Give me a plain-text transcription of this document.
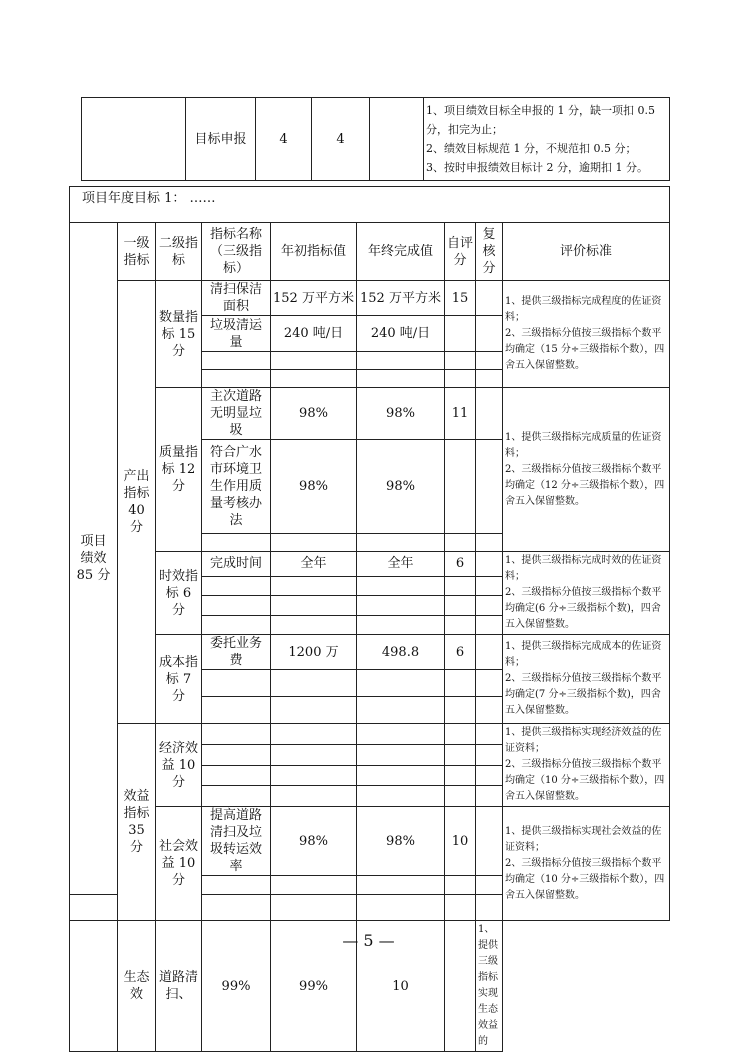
	目标申报	4	4		1、项目绩效目标全申报的 1 分，缺一项扣 0.5 分，扣完为止；
2、绩效目标规范 1 分，不规范扣 0.5 分；
3、按时申报绩效目标计 2 分，逾期扣 1 分。
项目年度目标 1： ……								
项目绩效 85 分	一级指标	二级指标	指标名称（三级指标）	年初指标值	年终完成值	自评分	复核分	评价标准
	产出指标 40 分	数量指标 15 分	清扫保洁面积	152 万平方米	152 万平方米	15		1、提供三级指标完成程度的佐证资料；
2、三级指标分值按三级指标个数平均确定（15 分÷三级指标个数），四舍五入保留整数。
			垃圾清运量	240 吨/日	240 吨/日			

		质量指标 12 分	主次道路无明显垃圾	98%	98%	11		1、提供三级指标完成质量的佐证资料；
2、三级指标分值按三级指标个数平均确定（12 分÷三级指标个数），四舍五入保留整数。
			符合广水市环境卫生作用质量考核办法	98%	98%			

		时效指标 6 分	完成时间	全年	全年	6		1、提供三级指标完成时效的佐证资料；
2、三级指标分值按三级指标个数平均确定(6 分÷三级指标个数)，四舍五入保留整数。

		成本指标 7 分	委托业务费	1200 万	498.8	6		1、提供三级指标完成成本的佐证资料；
2、三级指标分值按三级指标个数平均确定(7 分÷三级指标个数)，四舍五入保留整数。

	效益指标 35 分	经济效益 10 分						1、提供三级指标实现经济效益的佐证资料；
2、三级指标分值按三级指标个数平均确定（10 分÷三级指标个数），四舍五入保留整数。

		社会效益 10 分	提高道路清扫及垃圾转运效率	98%	98%	10		1、提供三级指标实现社会效益的佐证资料；
2、三级指标分值按三级指标个数平均确定（10 分÷三级指标个数），四舍五入保留整数。

	生态效	道路清扫、	99%	99%	10		1、提供三级指标实现生态效益的	
— 5 —
